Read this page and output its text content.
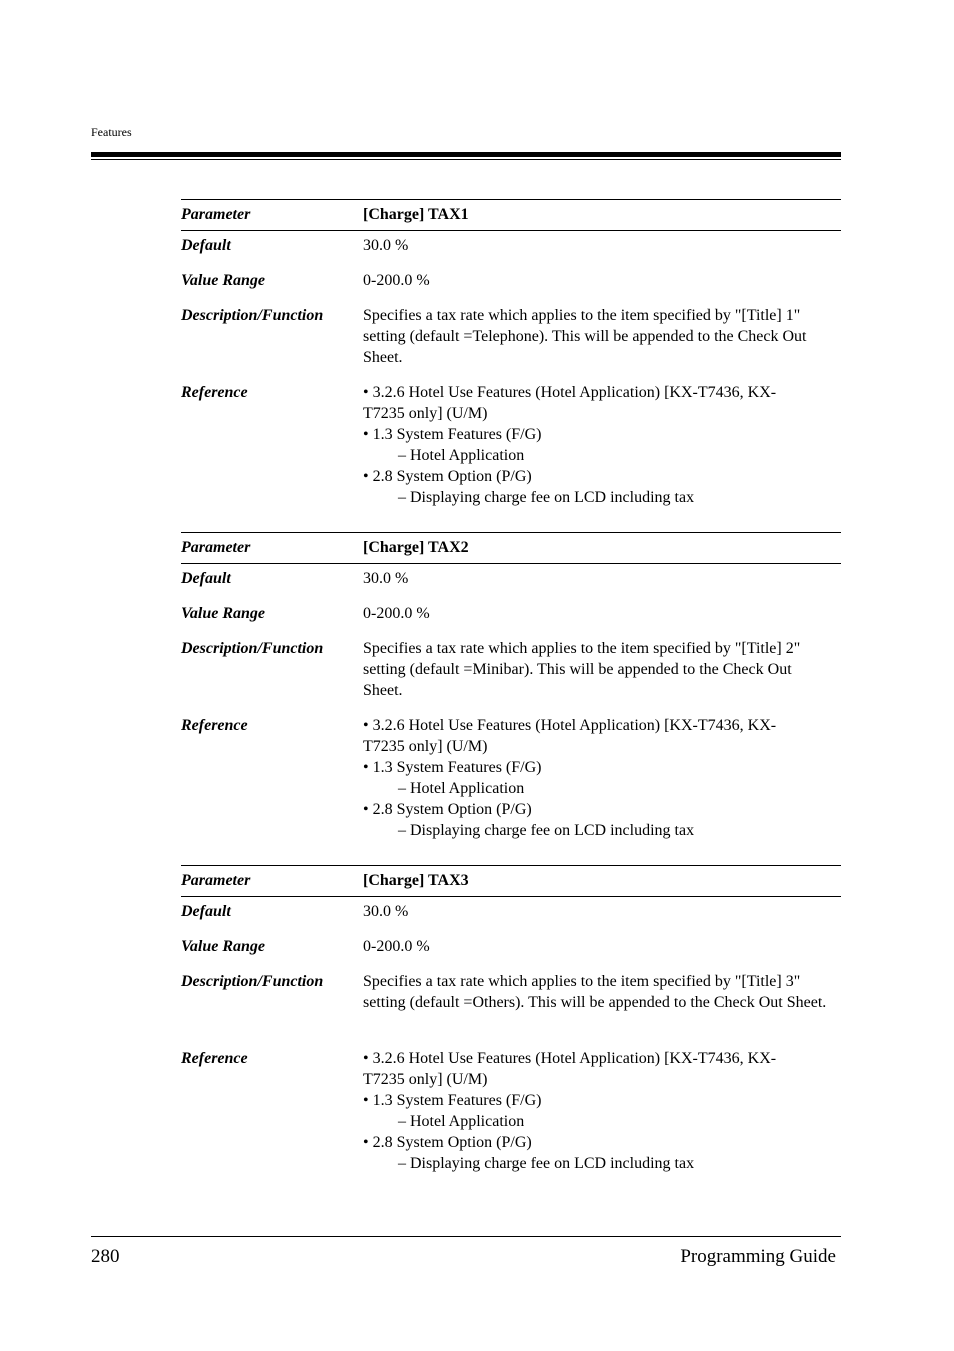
Features
Parameter	[Charge] TAX1
Default	30.0 %
Value Range	0-200.0 %
Description/Function	Specifies a tax rate which applies to the item specified by "[Title] 1" setting (default =Telephone). This will be appended to the Check Out Sheet.
Reference	• 3.2.6 Hotel Use Features (Hotel Application) [KX-T7436, KX-
T7235 only] (U/M)
• 1.3 System Features (F/G)
– Hotel Application
• 2.8 System Option (P/G)
– Displaying charge fee on LCD including tax
Parameter	[Charge] TAX2
Default	30.0 %
Value Range	0-200.0 %
Description/Function	Specifies a tax rate which applies to the item specified by "[Title] 2" setting (default =Minibar). This will be appended to the Check Out Sheet.
Reference	• 3.2.6 Hotel Use Features (Hotel Application) [KX-T7436, KX-
T7235 only] (U/M)
• 1.3 System Features (F/G)
– Hotel Application
• 2.8 System Option (P/G)
– Displaying charge fee on LCD including tax
Parameter	[Charge] TAX3
Default	30.0 %
Value Range	0-200.0 %
Description/Function	Specifies a tax rate which applies to the item specified by "[Title] 3" setting (default =Others). This will be appended to the Check Out Sheet.
Reference	• 3.2.6 Hotel Use Features (Hotel Application) [KX-T7436, KX-
T7235 only] (U/M)
• 1.3 System Features (F/G)
– Hotel Application
• 2.8 System Option (P/G)
– Displaying charge fee on LCD including tax
280	Programming Guide
